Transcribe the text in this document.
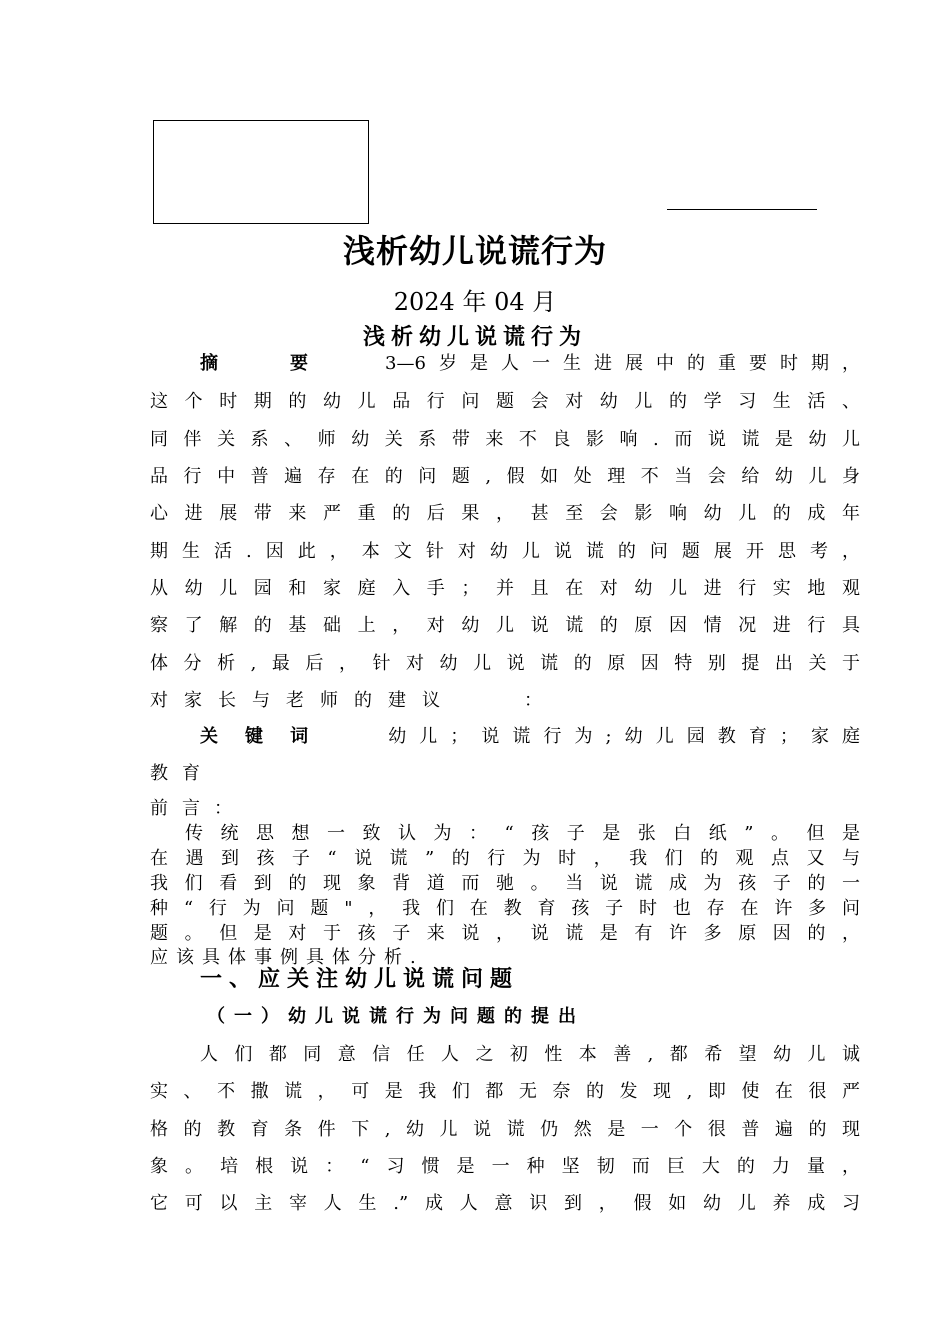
浅析幼儿说谎行为
2024 年 04 月
浅析幼儿说谎行为
摘　要	3—6岁是人一生进展中的重要时期，
这个时期的幼儿品行问题会对幼儿的学习生活、
同伴关系、师幼关系带来不良影响.而说谎是幼儿
品行中普遍存在的问题,假如处理不当会给幼儿身
心进展带来严重的后果，甚至会影响幼儿的成年
期生活.因此，本文针对幼儿说谎的问题展开思考，
从幼儿园和家庭入手；并且在对幼儿进行实地观
察了解的基础上，对幼儿说谎的原因情况进行具
体分析,最后，针对幼儿说谎的原因特别提出关于
对家长与老师的建议　　：
关键词 幼儿；说谎行为;幼儿园教育；家庭
教育
前言：
传统思想一致认为：“孩子是张白纸”。但是
在遇到孩子“说谎”的行为时，我们的观点又与
我们看到的现象背道而驰。当说谎成为孩子的一
种“行为问题"，我们在教育孩子时也存在许多问
题。但是对于孩子来说，说谎是有许多原因的，
应该具体事例具体分析.
一、应关注幼儿说谎问题
（一）幼儿说谎行为问题的提出
人们都同意信任人之初性本善,都希望幼儿诚
实、不撒谎，可是我们都无奈的发现,即使在很严
格的教育条件下,幼儿说谎仍然是一个很普遍的现
象。培根说：“习惯是一种坚韧而巨大的力量，
它可以主宰人生.”成人意识到，假如幼儿养成习
